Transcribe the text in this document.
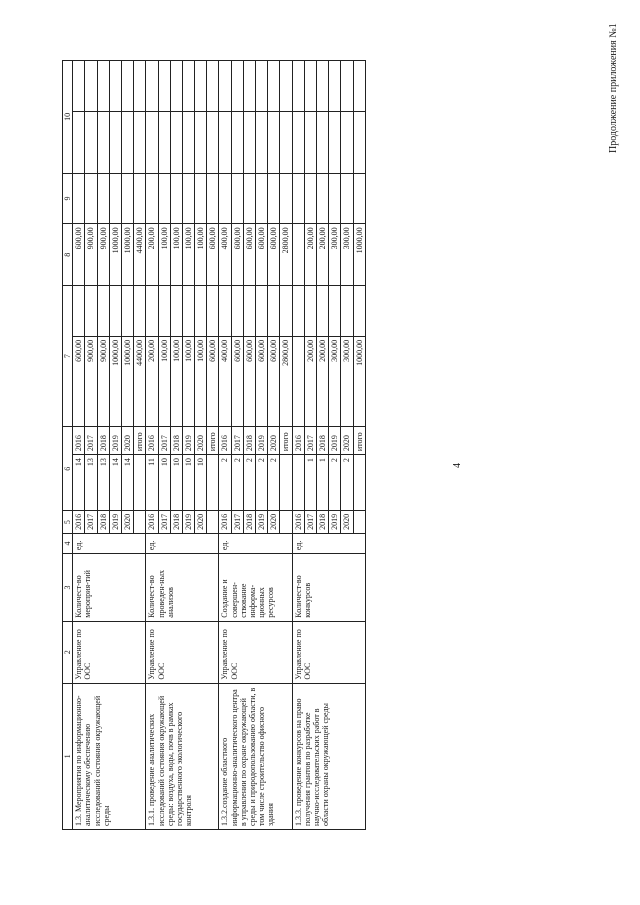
4
Продолжение приложения №1
1	2	3	4	5	6		7		8	9	10	
1.3. Мероприятия по информационно-аналитическому обеспечению исследований состояния окружающей среды	Управление по ООС	Количест-во мероприя-тий	ед.	2016	14	2016	600,00		600,00			
				2017	13	2017	900,00		900,00			
				2018	13	2018	900,00		900,00			
				2019	14	2019	1000,00		1000,00			
				2020	14	2020	1000,00		1000,00			
						итого	4400,00		4400,00			
1.3.1. проведение аналитических исследований состояния окружающей среды: воздуха, воды, почв в рамках государственного экологического контроля	Управление по ООС	Количест-во проведен-ных анализов	ед.	2016	11	2016	200,00		200,00			
				2017	10	2017	100,00		100,00			
				2018	10	2018	100,00		100,00			
				2019	10	2019	100,00		100,00			
				2020	10	2020	100,00		100,00			
						итого	600,00		600,00			
1.3.2.создание областного информационно-аналитического центра в управлении по охране окружающей среды и природопользованию области, в том числе строительство офисного здания	Управление по ООС	Создание и совершен-ствование информа-ционных ресурсов	ед.	2016	2	2016	400,00		400,00			
				2017	2	2017	600,00		600,00			
				2018	2	2018	600,00		600,00			
				2019	2	2019	600,00		600,00			
				2020	2	2020	600,00		600,00			
						итого	2800,00		2800,00			
1.3.3. проведение конкурсов на право получения грантов по разработке научно-исследовательских работ в области охраны окружающей среды	Управление по ООС	Количест-во конкурсов	ед.	2016		2016						
				2017	1	2017	200,00		200,00			
				2018	1	2018	200,00		200,00			
				2019	2	2019	300,00		300,00			
				2020	2	2020	300,00		300,00			
						итого	1000,00		1000,00			
